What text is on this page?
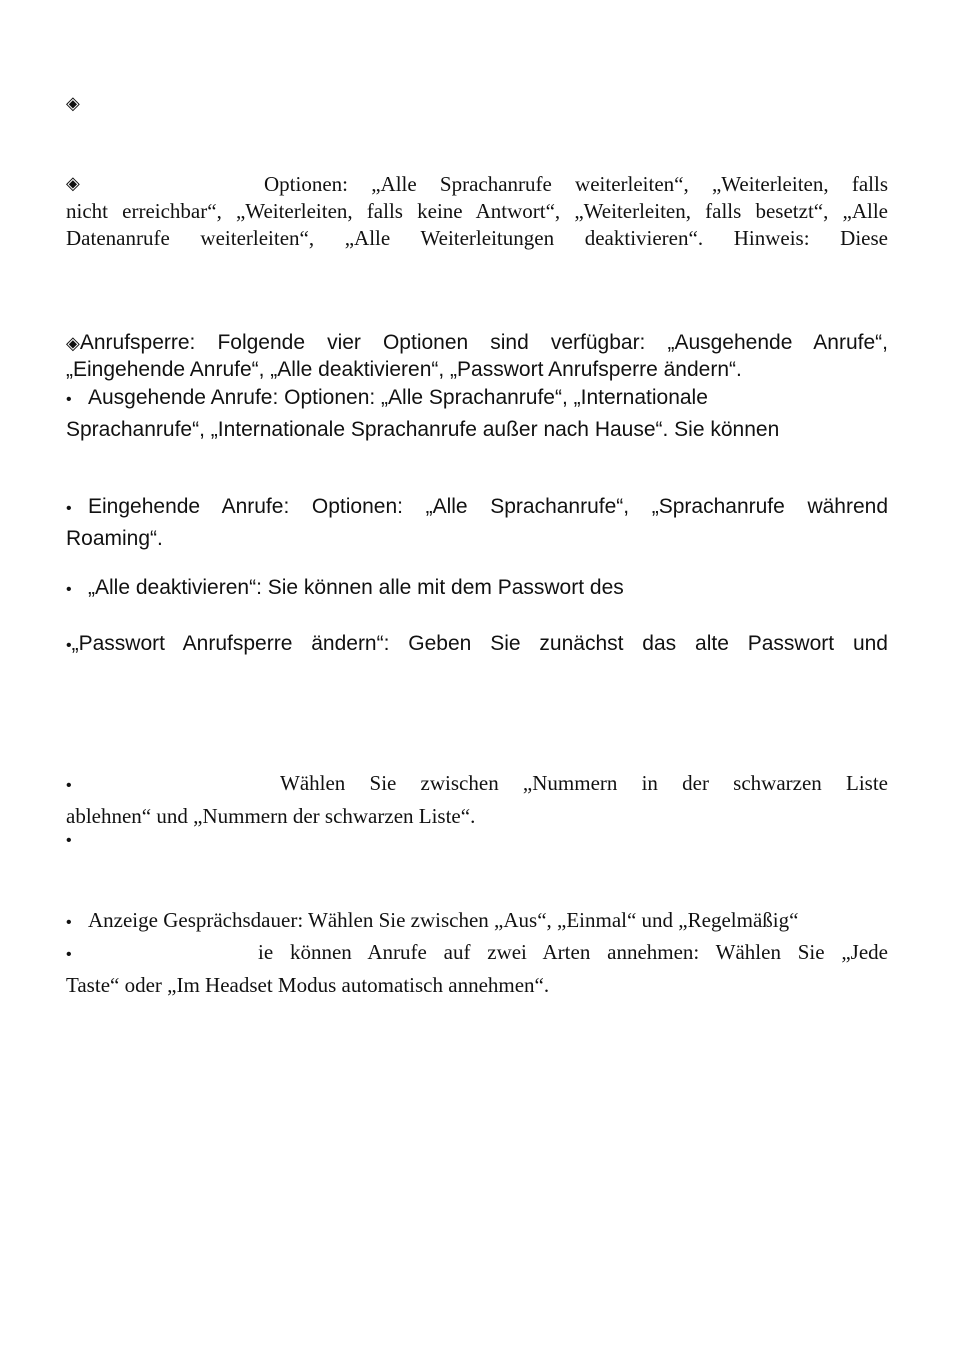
◈
◈	Optionen: „Alle Sprachanrufe weiterleiten“, „Weiterleiten, falls
nicht erreichbar“, „Weiterleiten, falls keine Antwort“, „Weiterleiten, falls besetzt“, „Alle
Datenanrufe weiterleiten“, „Alle Weiterleitungen deaktivieren“. Hinweis: Diese
◈Anrufsperre: Folgende vier Optionen sind verfügbar: „Ausgehende Anrufe“,
„Eingehende Anrufe“, „Alle deaktivieren“, „Passwort Anrufsperre ändern“.
• Ausgehende Anrufe: Optionen: „Alle Sprachanrufe“, „Internationale
Sprachanrufe“, „Internationale Sprachanrufe außer nach Hause“. Sie können
• Eingehende Anrufe: Optionen: „Alle Sprachanrufe“, „Sprachanrufe während
Roaming“.
• „Alle deaktivieren“: Sie können alle mit dem Passwort des
•„Passwort Anrufsperre ändern“: Geben Sie zunächst das alte Passwort und
•	Wählen Sie zwischen „Nummern in der schwarzen Liste
ablehnen“ und „Nummern der schwarzen Liste“.
•
• Anzeige Gesprächsdauer: Wählen Sie zwischen „Aus“, „Einmal“ und „Regelmäßig“
•	ie können Anrufe auf zwei Arten annehmen: Wählen Sie „Jede
Taste“ oder „Im Headset Modus automatisch annehmen“.
